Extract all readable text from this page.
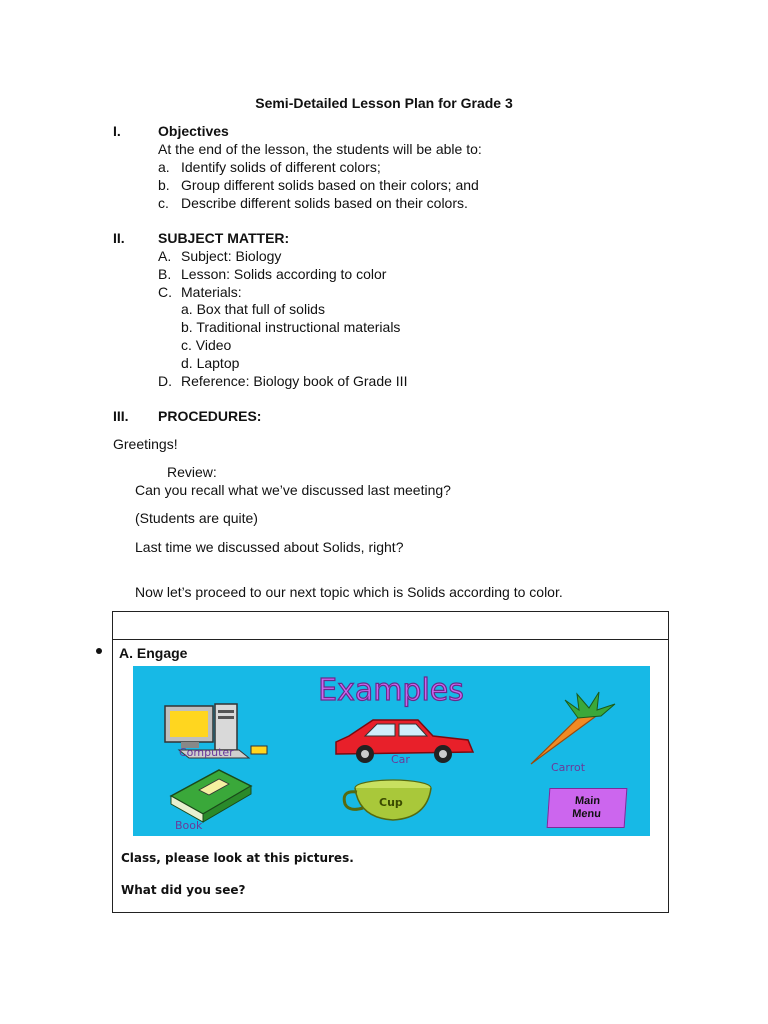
Semi-Detailed Lesson Plan for Grade 3
I.	Objectives
At the end of the lesson, the students will be able to:
a. Identify solids of different colors;
b. Group different solids based on their colors; and
c. Describe different solids based on their colors.
II. SUBJECT MATTER:
A. Subject: Biology
B. Lesson: Solids according to color
C. Materials:
a. Box that full of solids
b. Traditional instructional materials
c. Video
d. Laptop
D. Reference: Biology book of Grade III
III. PROCEDURES:
Greetings!
Review:
Can you recall what we’ve discussed last meeting?
(Students are quite)
Last time we discussed about Solids, right?
Now let’s proceed to our next topic which is Solids according to color.
A. Engage
Examples
Computer
Car
Carrot
Book
Cup	Main
Menu
Class, please look at this pictures.
What did you see?
